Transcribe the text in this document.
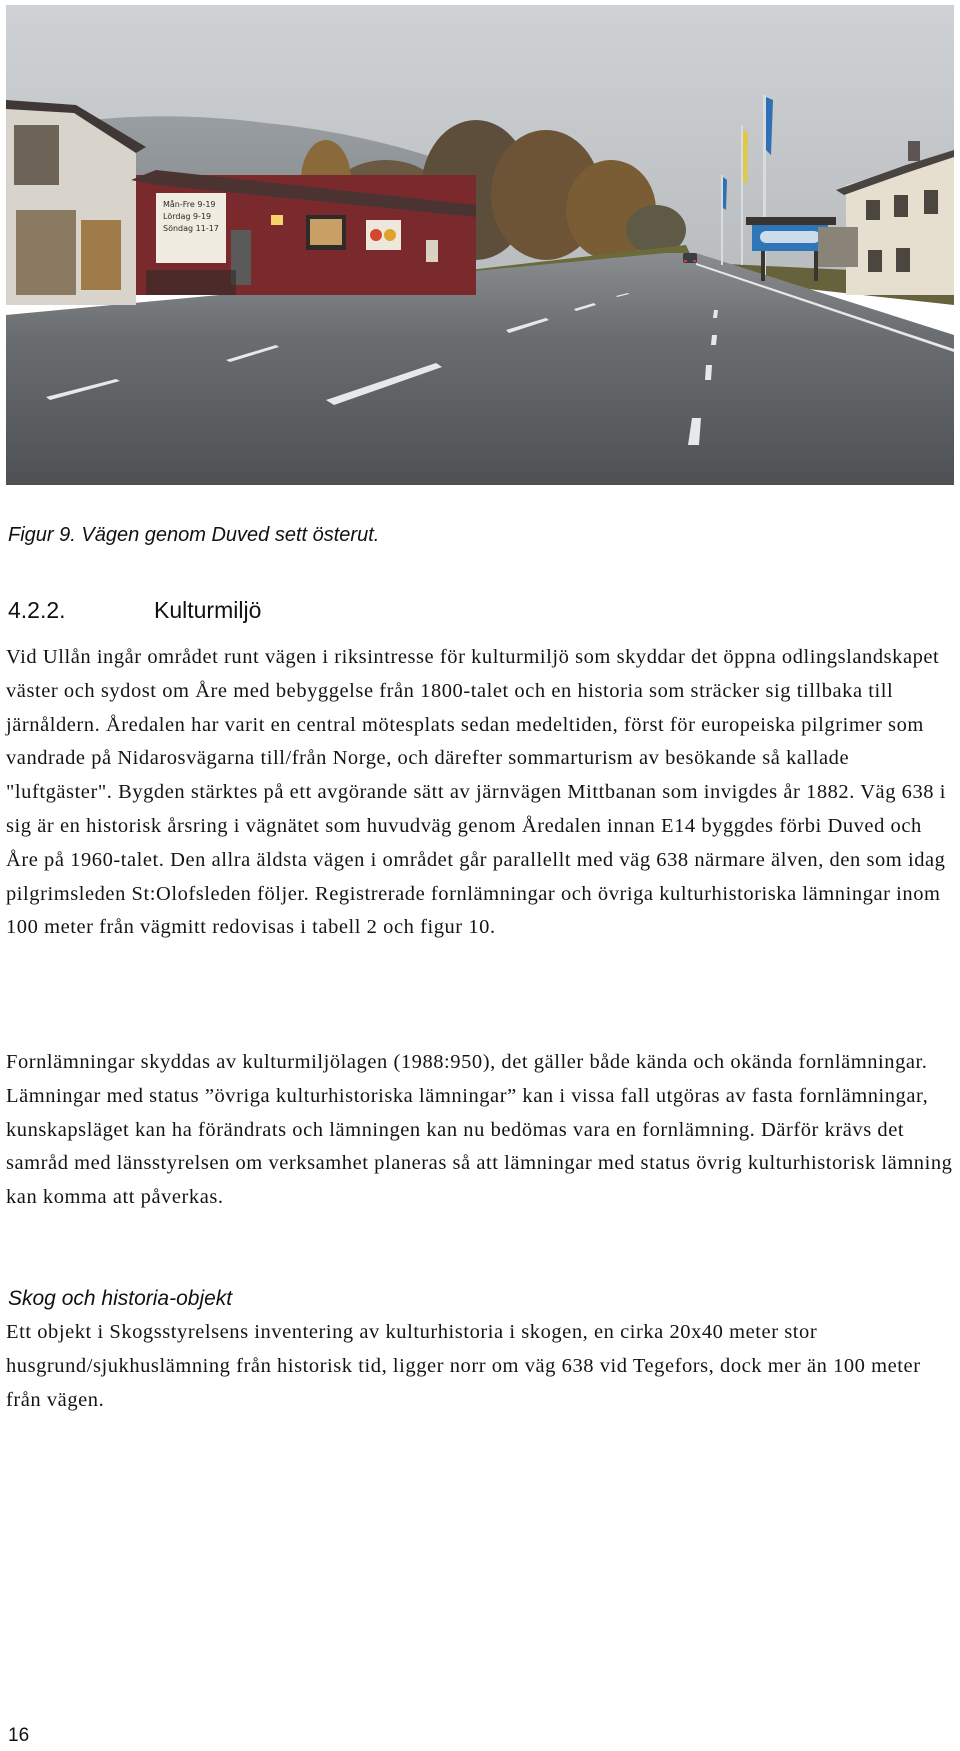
Mån-Fre 9-19
Lördag 9-19
Söndag 11-17

Figur 9. Vägen genom Duved sett österut.

4.2.2.	Kulturmiljö

Vid Ullån ingår området runt vägen i riksintresse för kulturmiljö som skyddar det öppna odlingslandskapet väster och sydost om Åre med bebyggelse från 1800-talet och en historia som sträcker sig tillbaka till järnåldern. Åredalen har varit en central mötesplats sedan medeltiden, först för europeiska pilgrimer som vandrade på Nidarosvägarna till/från Norge, och därefter sommarturism av besökande så kallade "luftgäster". Bygden stärktes på ett avgörande sätt av järnvägen Mittbanan som invigdes år 1882. Väg 638 i sig är en historisk årsring i vägnätet som huvudväg genom Åredalen innan E14 byggdes förbi Duved och Åre på 1960-talet. Den allra äldsta vägen i området går parallellt med väg 638 närmare älven, den som idag pilgrimsleden St:Olofsleden följer. Registrerade fornlämningar och övriga kulturhistoriska lämningar inom 100 meter från vägmitt redovisas i tabell 2 och figur 10.

Fornlämningar skyddas av kulturmiljölagen (1988:950), det gäller både kända och okända fornlämningar. Lämningar med status ”övriga kulturhistoriska lämningar” kan i vissa fall utgöras av fasta fornlämningar, kunskapsläget kan ha förändrats och lämningen kan nu bedömas vara en fornlämning. Därför krävs det samråd med länsstyrelsen om verksamhet planeras så att lämningar med status övrig kulturhistorisk lämning kan komma att påverkas.

Skog och historia-objekt

Ett objekt i Skogsstyrelsens inventering av kulturhistoria i skogen, en cirka 20x40 meter stor husgrund/sjukhuslämning från historisk tid, ligger norr om väg 638 vid Tegefors, dock mer än 100 meter från vägen.

16
